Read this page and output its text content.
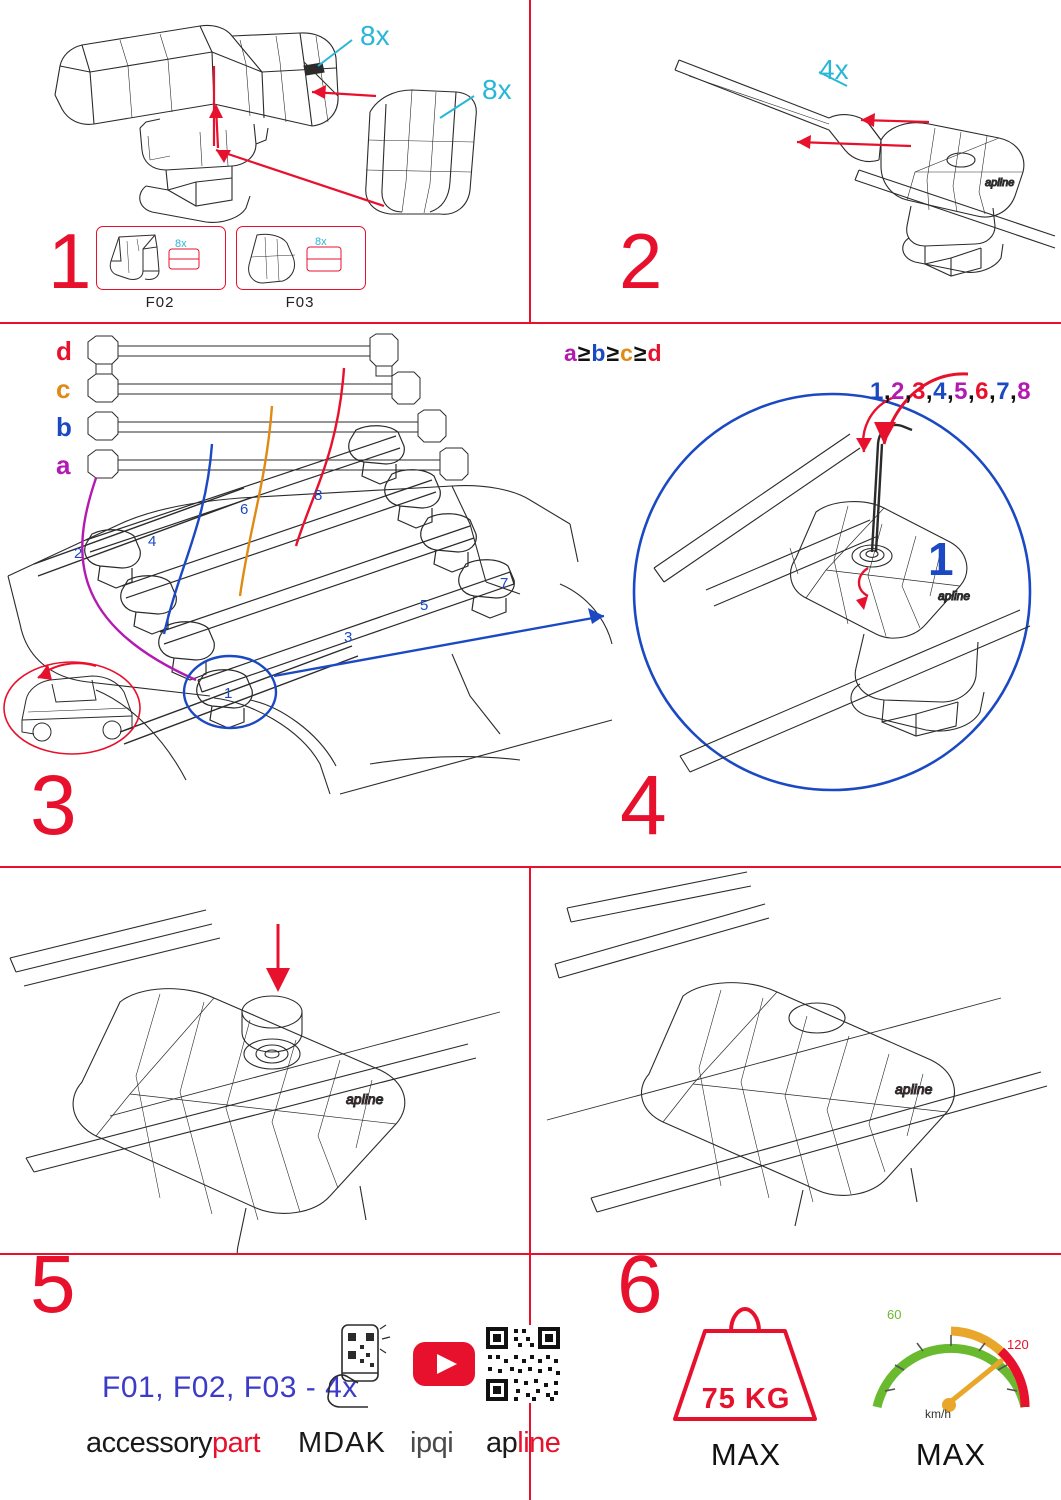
8x
8x
8x	8x
F02	F03
1
apline
4x
2
d
c
b
a
1
2
3
4
5
6
7
8
3
a≥b≥c≥d
apline
1
4
1,2,3,4,5,6,7,8
apline
5
apline
6
F01, F02, F03 - 4x
accessorypart MDAK ipqi apline
75 KG
MAX
60
120
km/h
MAX
